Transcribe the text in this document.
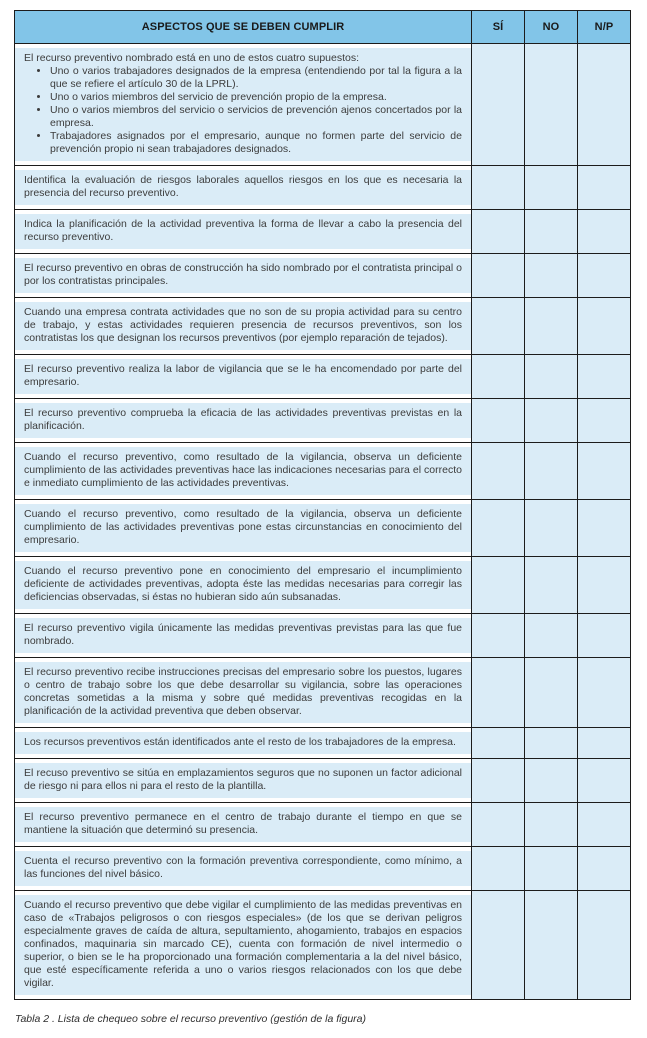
ASPECTOS QUE SE DEBEN CUMPLIR	SÍ	NO	N/P

El recurso preventivo nombrado está en uno de estos cuatro supuestos:
• Uno o varios trabajadores designados de la empresa (entendiendo por tal la figura a la que se refiere el artículo 30 de la LPRL).
• Uno o varios miembros del servicio de prevención propio de la empresa.
• Uno o varios miembros del servicio o servicios de prevención ajenos concertados por la empresa.
• Trabajadores asignados por el empresario, aunque no formen parte del servicio de prevención propio ni sean trabajadores designados.

Identifica la evaluación de riesgos laborales aquellos riesgos en los que es necesaria la presencia del recurso preventivo.

Indica la planificación de la actividad preventiva la forma de llevar a cabo la presencia del recurso preventivo.

El recurso preventivo en obras de construcción ha sido nombrado por el contratista principal o por los contratistas principales.

Cuando una empresa contrata actividades que no son de su propia actividad para su centro de trabajo, y estas actividades requieren presencia de recursos preventivos, son los contratistas los que designan los recursos preventivos (por ejemplo reparación de tejados).

El recurso preventivo realiza la labor de vigilancia que se le ha encomendado por parte del empresario.

El recurso preventivo comprueba la eficacia de las actividades preventivas previstas en la planificación.

Cuando el recurso preventivo, como resultado de la vigilancia, observa un deficiente cumplimiento de las actividades preventivas hace las indicaciones necesarias para el correcto e inmediato cumplimiento de las actividades preventivas.

Cuando el recurso preventivo, como resultado de la vigilancia, observa un deficiente cumplimiento de las actividades preventivas pone estas circunstancias en conocimiento del empresario.

Cuando el recurso preventivo pone en conocimiento del empresario el incumplimiento deficiente de actividades preventivas, adopta éste las medidas necesarias para corregir las deficiencias observadas, si éstas no hubieran sido aún subsanadas.

El recurso preventivo vigila únicamente las medidas preventivas previstas para las que fue nombrado.

El recurso preventivo recibe instrucciones precisas del empresario sobre los puestos, lugares o centro de trabajo sobre los que debe desarrollar su vigilancia, sobre las operaciones concretas sometidas a la misma y sobre qué medidas preventivas recogidas en la planificación de la actividad preventiva que deben observar.

Los recursos preventivos están identificados ante el resto de los trabajadores de la empresa.

El recuso preventivo se sitúa en emplazamientos seguros que no suponen un factor adicional de riesgo ni para ellos ni para el resto de la plantilla.

El recurso preventivo permanece en el centro de trabajo durante el tiempo en que se mantiene la situación que determinó su presencia.

Cuenta el recurso preventivo con la formación preventiva correspondiente, como mínimo, a las funciones del nivel básico.

Cuando el recurso preventivo que debe vigilar el cumplimiento de las medidas preventivas en caso de «Trabajos peligrosos o con riesgos especiales» (de los que se derivan peligros especialmente graves de caída de altura, sepultamiento, ahogamiento, trabajos en espacios confinados, maquinaria sin marcado CE), cuenta con formación de nivel intermedio o superior, o bien se le ha proporcionado una formación complementaria a la del nivel básico, que esté específicamente referida a uno o varios riesgos relacionados con los que debe vigilar.

Tabla 2 . Lista de chequeo sobre el recurso preventivo (gestión de la figura)
